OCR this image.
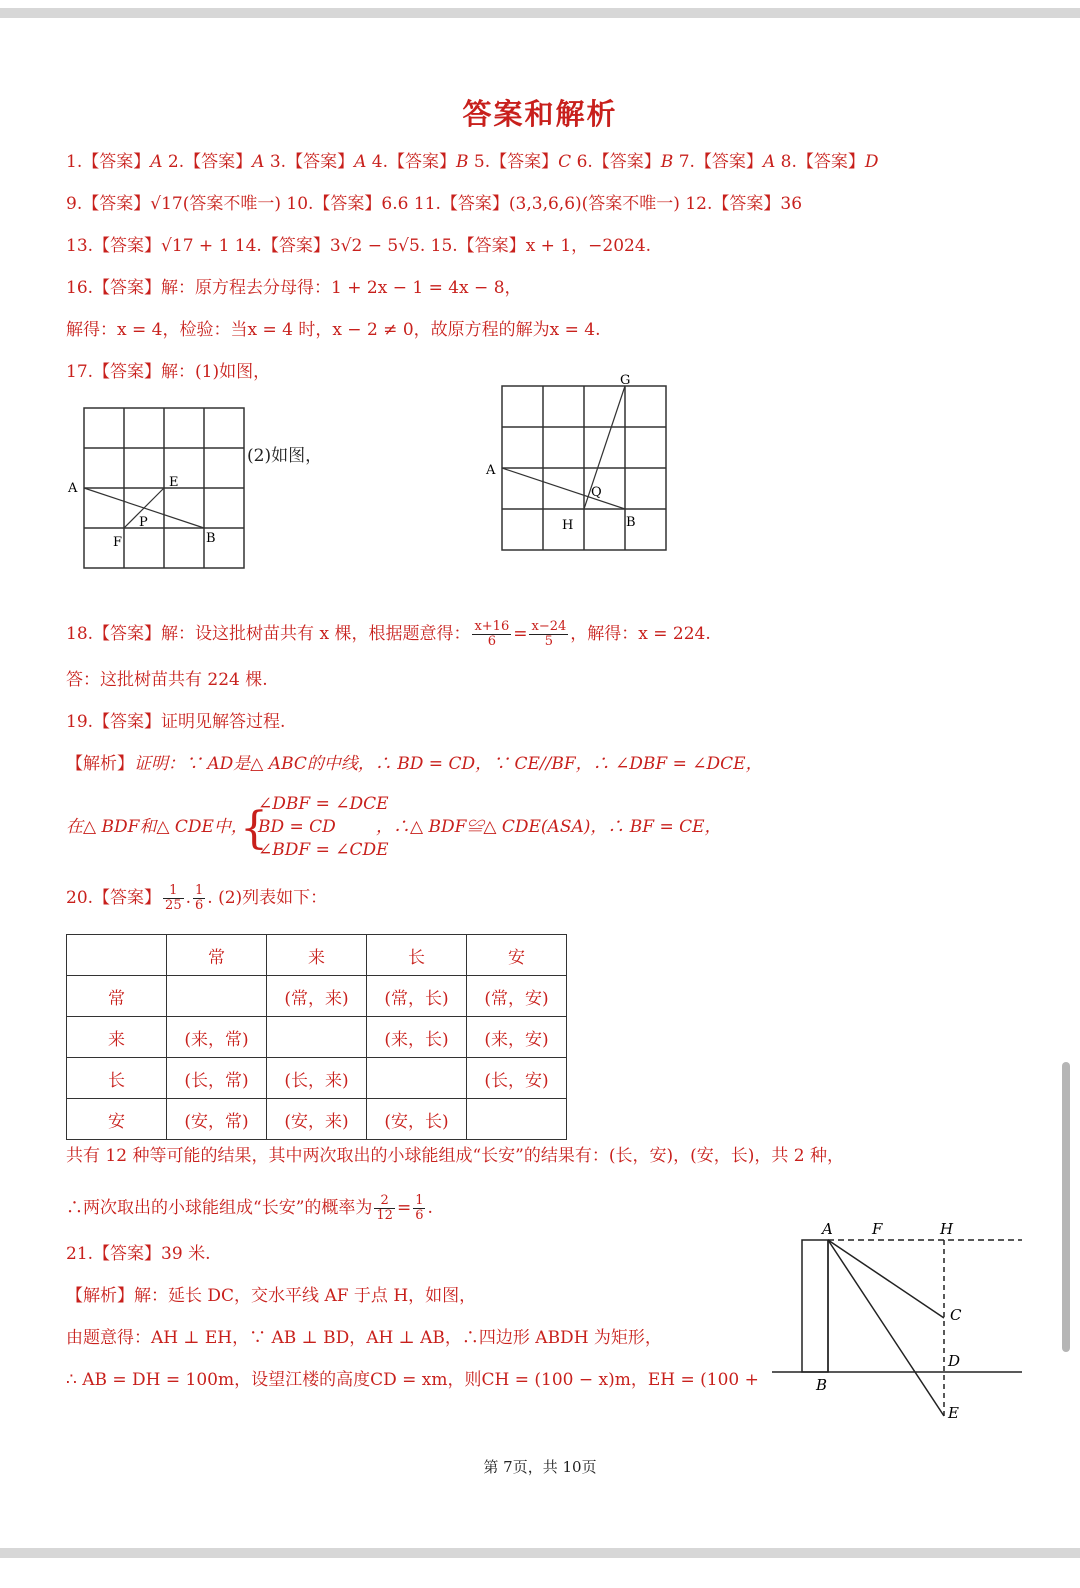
答案和解析
1.【答案】A 2.【答案】A 3.【答案】A 4.【答案】B 5.【答案】C 6.【答案】B 7.【答案】A 8.【答案】D
9.【答案】√17(答案不唯一) 10.【答案】6.6 11.【答案】(3,3,6,6)(答案不唯一) 12.【答案】36
13.【答案】√17 + 1 14.【答案】3√2 − 5√5. 15.【答案】x + 1，−2024.
16.【答案】解：原方程去分母得：1 + 2x − 1 = 4x − 8，
解得：x = 4，检验：当x = 4 时，x − 2 ≠ 0，故原方程的解为x = 4.
17.【答案】解：(1)如图，
(2)如图，
A	E
P
F	B
G
A
Q
H	B
18.【答案】解：设这批树苗共有 x 棵，根据题意得： $\frac{x+16}{6} = \frac{x-24}{5}$ ，解得：x = 224.
答：这批树苗共有 224 棵.
19.【答案】证明见解答过程.
【解析】证明：∵ AD是△ ABC的中线，∴ BD = CD，∵ CE//BF，∴ ∠DBF = ∠DCE，
在△ BDF和△ CDE中，
{
∠DBF = ∠DCE
BD = CD
∠BDF = ∠CDE
，∴△ BDF≌△ CDE(ASA)，∴ BF = CE，
20.【答案】 $\frac{1}{25}$ . $\frac{1}{6}$ . (2)列表如下：
	常	来	长	安
常		(常，来)	(常，长)	(常，安)
来	(来，常)		(来，长)	(来，安)
长	(长，常)	(长，来)		(长，安)
安	(安，常)	(安，来)	(安，长)	
共有 12 种等可能的结果，其中两次取出的小球能组成“长安”的结果有：(长，安)，(安，长)，共 2 种，
∴两次取出的小球能组成“长安”的概率为 $\frac{2}{12} = \frac{1}{6}$ .
21.【答案】39 米.
【解析】解：延长 DC，交水平线 AF 于点 H，如图，
由题意得：AH ⊥ EH，∵ AB ⊥ BD，AH ⊥ AB，∴四边形 ABDH 为矩形，
∴ AB = DH = 100m，设望江楼的高度CD = xm，则CH = (100 − x)m，EH = (100 +
A	F	H
C
D
B
E
第 7页，共 10页
